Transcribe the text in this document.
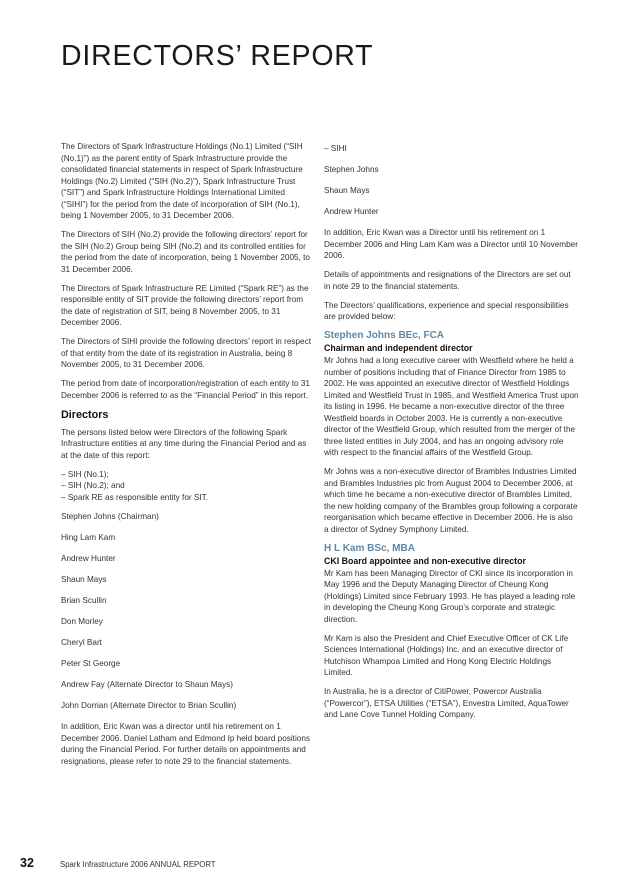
DIRECTORS’ REPORT

The Directors of Spark Infrastructure Holdings (No.1) Limited (“SIH (No.1)”) as the parent entity of Spark Infrastructure provide the consolidated financial statements in respect of Spark Infrastructure Holdings (No.2) Limited (“SIH (No.2)”), Spark Infrastructure Trust (“SIT”) and Spark Infrastructure Holdings International Limited (“SIHI”) for the period from the date of incorporation of SIH (No.1), being 1 November 2005, to 31 December 2006.

The Directors of SIH (No.2) provide the following directors’ report for the SIH (No.2) Group being SIH (No.2) and its controlled entities for the period from the date of incorporation, being 1 November 2005, to 31 December 2006.

The Directors of Spark Infrastructure RE Limited (“Spark RE”) as the responsible entity of SIT provide the following directors’ report from the date of registration of SIT, being 8 November 2005, to 31 December 2006.

The Directors of SIHI provide the following directors’ report in respect of that entity from the date of its registration in Australia, being 8 November 2005, to 31 December 2006.

The period from date of incorporation/registration of each entity to 31 December 2006 is referred to as the “Financial Period” in this report.

Directors

The persons listed below were Directors of the following Spark Infrastructure entities at any time during the Financial Period and as at the date of this report:

– SIH (No.1);

– SIH (No.2); and

– Spark RE as responsible entity for SIT.

Stephen Johns (Chairman)

Hing Lam Kam

Andrew Hunter

Shaun Mays

Brian Scullin

Don Morley

Cheryl Bart

Peter St George

Andrew Fay (Alternate Director to Shaun Mays)

John Dorrian (Alternate Director to Brian Scullin)

In addition, Eric Kwan was a director until his retirement on 1 December 2006. Daniel Latham and Edmond Ip held board positions during the Financial Period. For further details on appointments and resignations, please refer to note 29 to the financial statements.

– SIHI

Stephen Johns

Shaun Mays

Andrew Hunter

In addition, Eric Kwan was a Director until his retirement on 1 December 2006 and Hing Lam Kam was a Director until 10 November 2006.

Details of appointments and resignations of the Directors are set out in note 29 to the financial statements.

The Directors’ qualifications, experience and special responsibilities are provided below:

Stephen Johns BEc, FCA
Chairman and independent director

Mr Johns had a long executive career with Westfield where he held a number of positions including that of Finance Director from 1985 to 2002. He was appointed an executive director of Westfield Holdings Limited and Westfield Trust in 1985, and Westfield America Trust upon its listing in 1996. He became a non-executive director of the three Westfield boards in October 2003. He is currently a non-executive director of the Westfield Group, which resulted from the merger of the three listed entities in July 2004, and has an ongoing advisory role with respect to the financial affairs of the Westfield Group.

Mr Johns was a non-executive director of Brambles Industries Limited and Brambles Industries plc from August 2004 to December 2006, at which time he became a non-executive director of Brambles Limited, the new holding company of the Brambles group following a corporate reorganisation which became effective in December 2006. He is also a director of Sydney Symphony Limited.

H L Kam BSc, MBA
CKI Board appointee and non-executive director

Mr Kam has been Managing Director of CKI since its incorporation in May 1996 and the Deputy Managing Director of Cheung Kong (Holdings) Limited since February 1993. He has played a leading role in developing the Cheung Kong Group’s corporate and strategic direction.

Mr Kam is also the President and Chief Executive Officer of CK Life Sciences International (Holdings) Inc. and an executive director of Hutchison Whampoa Limited and Hong Kong Electric Holdings Limited.

In Australia, he is a director of CitiPower, Powercor Australia (“Powercor”), ETSA Utilities (“ETSA”), Envestra Limited, AquaTower and Lane Cove Tunnel Holding Company.

32	Spark Infrastructure 2006 ANNUAL REPORT
